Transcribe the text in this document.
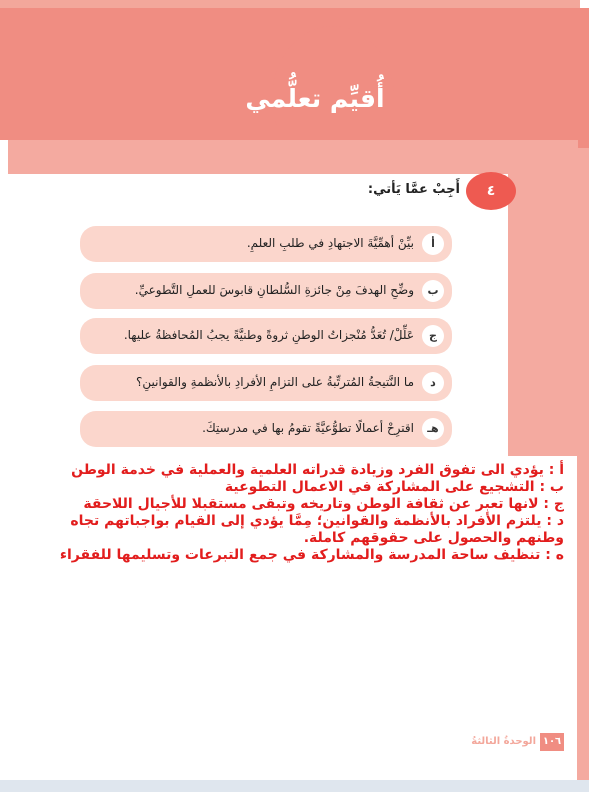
أُقيِّم تعلُّمي
٤
أَجِبْ عمَّا يَأتي:
أ
بيِّنْ أهمِّيَّةَ الاجتهادِ في طلبِ العلمِ.
ب
وضِّحِ الهدفَ مِنْ جائزةِ السُّلطانِ قابوسَ للعملِ التَّطوعيِّ.
ج
عَلِّلْ/ تُعَدُّ مُنْجزاتُ الوطنِ ثروةً وطنيَّةً يجبُ المُحافظةُ عليها.
د
ما النَّتيجةُ المُترتِّبةُ على التزامِ الأفرادِ بالأنظمةِ والقوانينِ؟
هـ
اقترِحْ أعمالًا تطوُّعيَّةً تقومُ بها في مدرستِكَ.

أ : يؤدي الى تفوق الفرد وزيادة قدراته العلمية والعملية في خدمة الوطن

ب : التشجيع على المشاركة في الاعمال التطوعية

ج : لانها تعبر عن ثقافة الوطن وتاريخه وتبقى مستقبلا للأجيال اللاحقة

د : يلتزم الأفراد بالأنظمة والقوانين؛ مِمَّا يؤدي إلى القيام بواجباتهم تجاه وطنهم والحصول على حقوقهم كاملة.

ه : تنظيف ساحة المدرسة والمشاركة في جمع التبرعات وتسليمها للفقراء

الوحدةُ الثالثةُ ١٠٦
